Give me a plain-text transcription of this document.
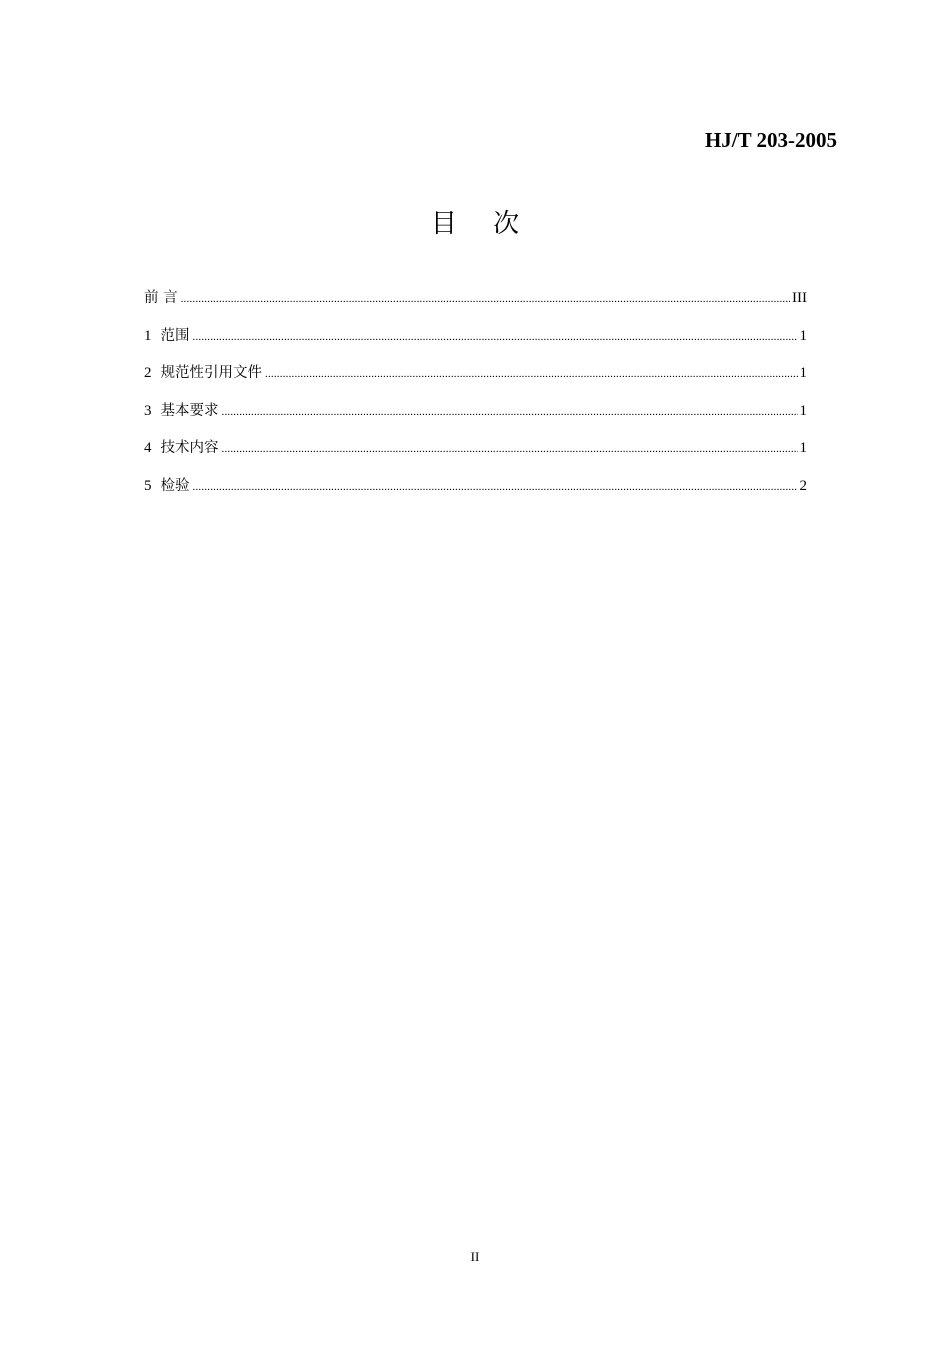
HJ/T 203-2005
目 次
前 言 .....	III
1 范围 .....	1
2 规范性引用文件 .....	1
3 基本要求 .....	1
4 技术内容 .....	1
5 检验 .....	2
II
